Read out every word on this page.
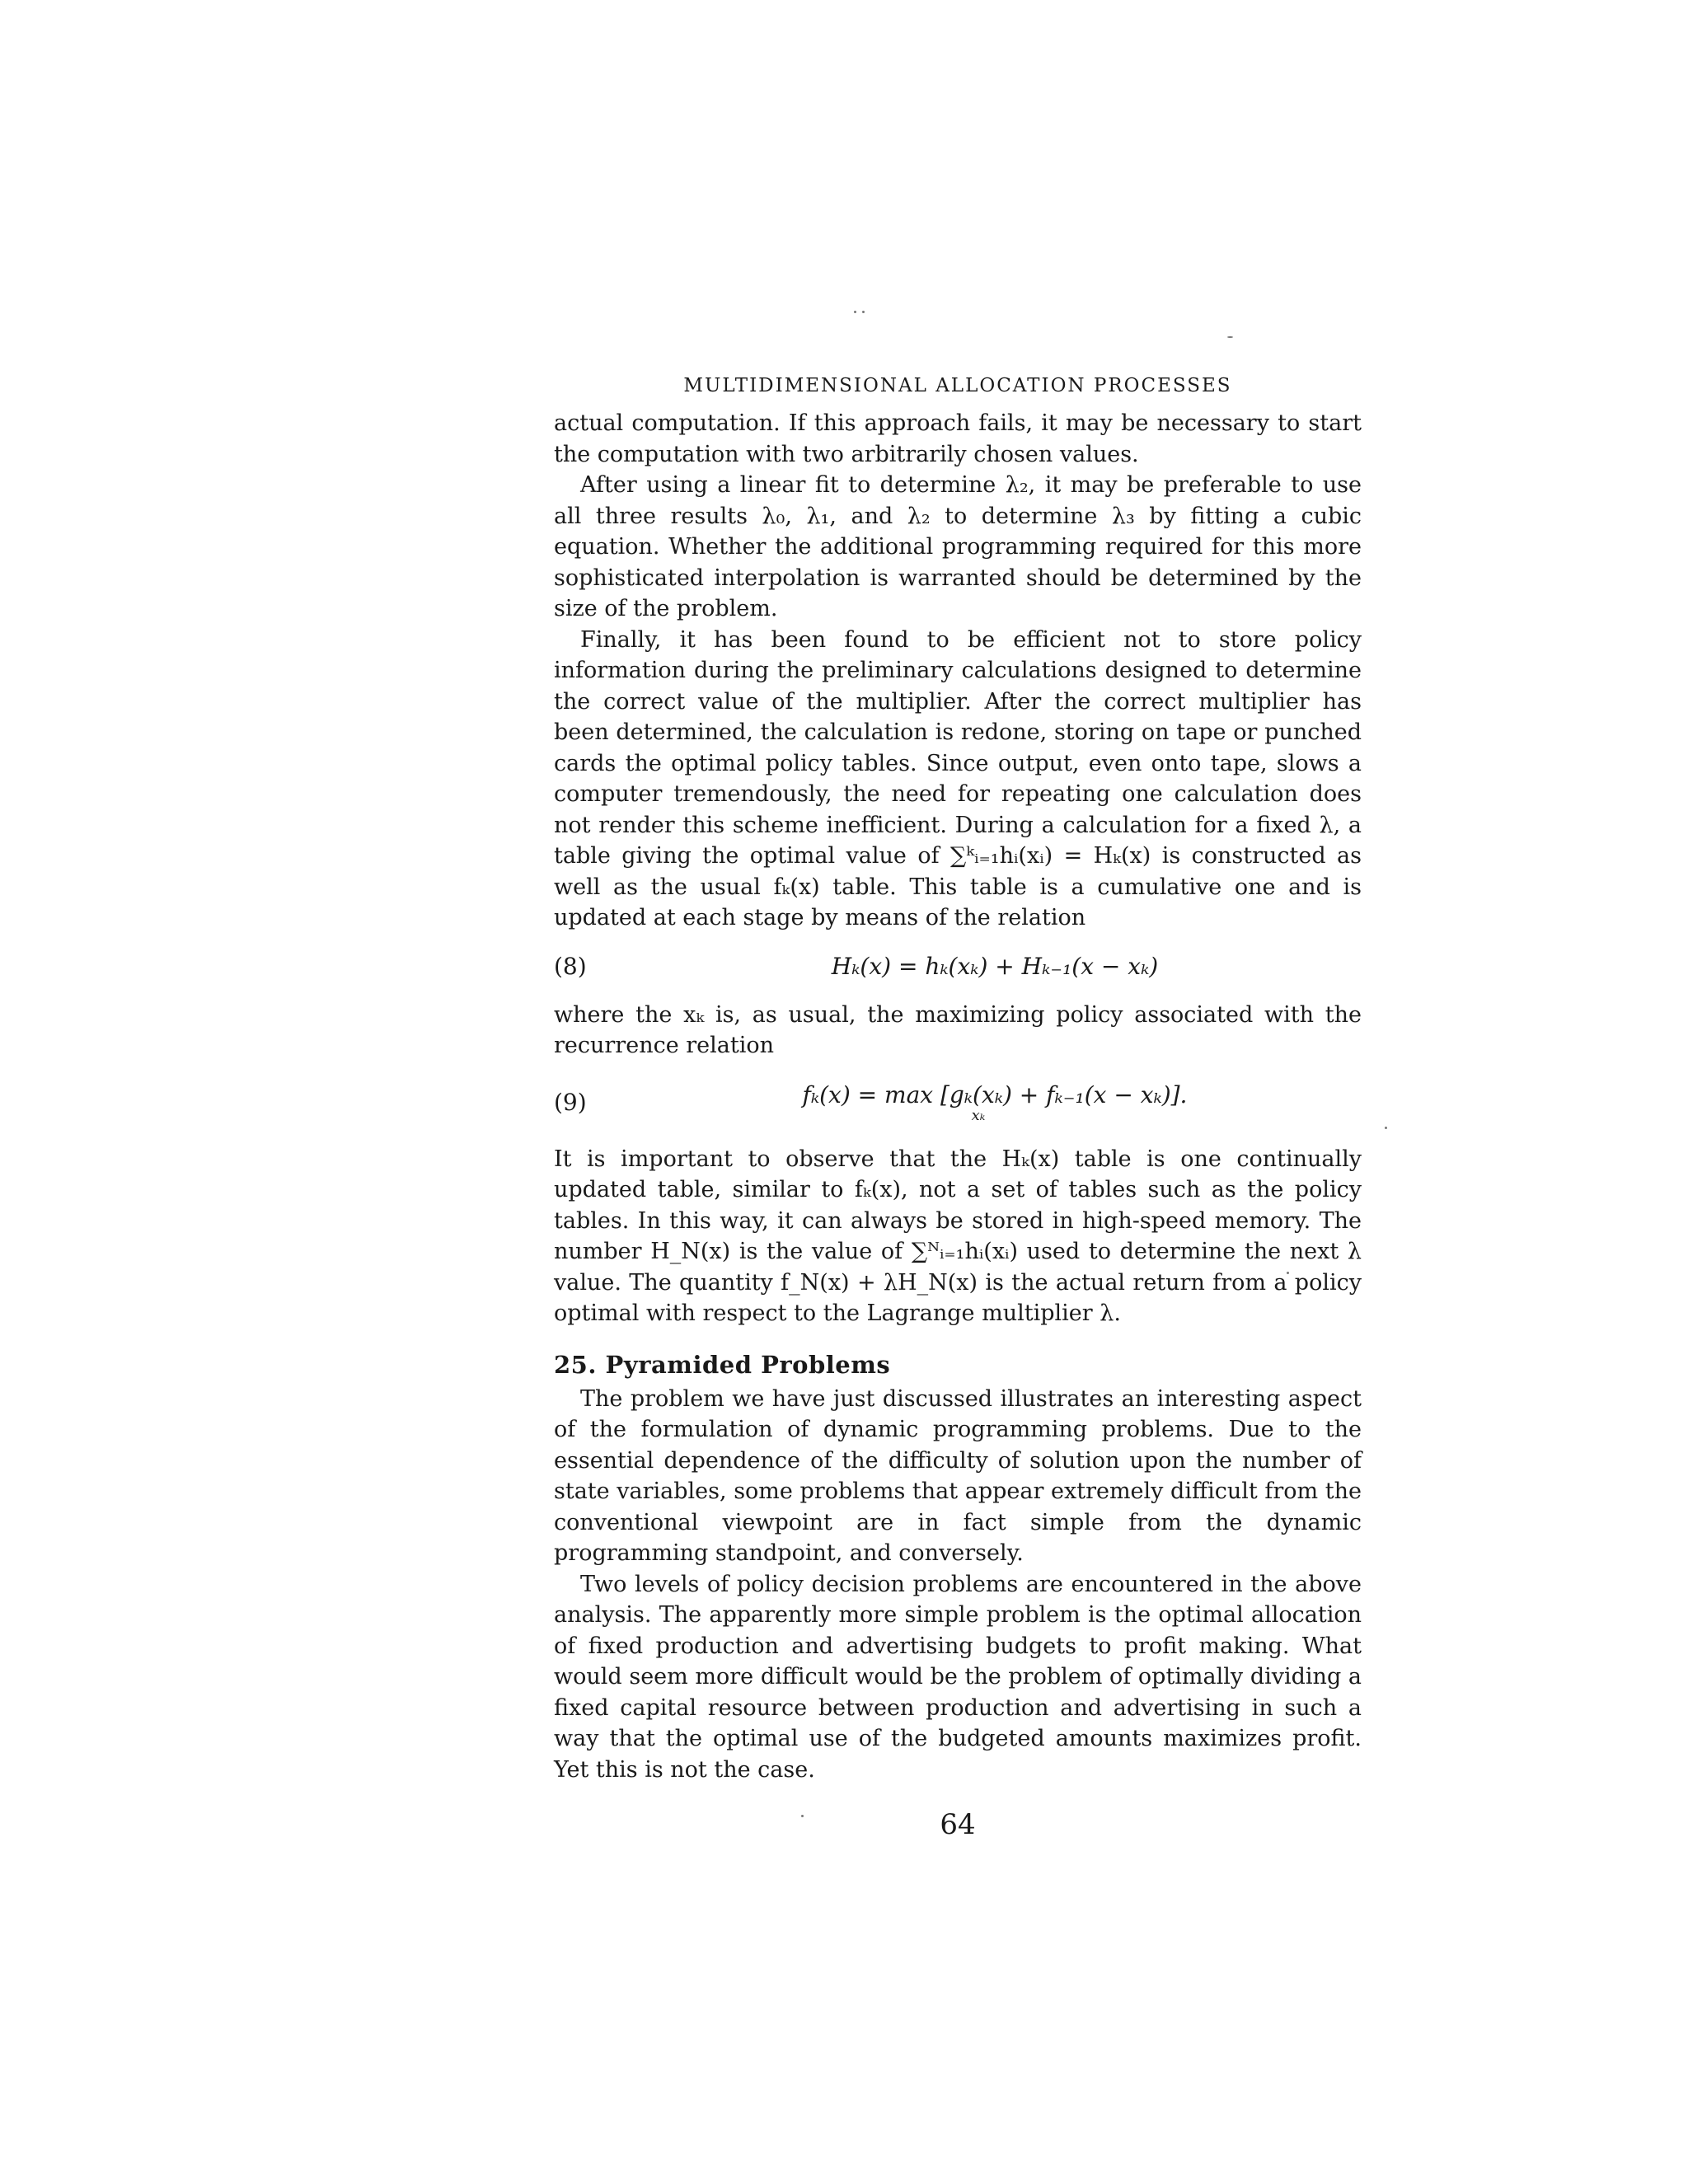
MULTIDIMENSIONAL ALLOCATION PROCESSES

actual computation. If this approach fails, it may be necessary to start the computation with two arbitrarily chosen values.

After using a linear fit to determine λ₂, it may be preferable to use all three results λ₀, λ₁, and λ₂ to determine λ₃ by fitting a cubic equation. Whether the additional programming required for this more sophisticated interpolation is warranted should be determined by the size of the problem.

Finally, it has been found to be efficient not to store policy information during the preliminary calculations designed to determine the correct value of the multiplier. After the correct multiplier has been determined, the calculation is redone, storing on tape or punched cards the optimal policy tables. Since output, even onto tape, slows a computer tremendously, the need for repeating one calculation does not render this scheme inefficient. During a calculation for a fixed λ, a table giving the optimal value of ∑ᵏᵢ₌₁hᵢ(xᵢ) = Hₖ(x) is constructed as well as the usual fₖ(x) table. This table is a cumulative one and is updated at each stage by means of the relation

(8)	Hₖ(x) = hₖ(xₖ) + Hₖ₋₁(x − xₖ)

where the xₖ is, as usual, the maximizing policy associated with the recurrence relation

(9)	fₖ(x) = max [gₖ(xₖ) + fₖ₋₁(x − xₖ)].
xₖ

It is important to observe that the Hₖ(x) table is one continually updated table, similar to fₖ(x), not a set of tables such as the policy tables. In this way, it can always be stored in high-speed memory. The number H_N(x) is the value of ∑ᴺᵢ₌₁hᵢ(xᵢ) used to determine the next λ value. The quantity f_N(x) + λH_N(x) is the actual return from a policy optimal with respect to the Lagrange multiplier λ.

25. Pyramided Problems

The problem we have just discussed illustrates an interesting aspect of the formulation of dynamic programming problems. Due to the essential dependence of the difficulty of solution upon the number of state variables, some problems that appear extremely difficult from the conventional viewpoint are in fact simple from the dynamic programming standpoint, and conversely.

Two levels of policy decision problems are encountered in the above analysis. The apparently more simple problem is the optimal allocation of fixed production and advertising budgets to profit making. What would seem more difficult would be the problem of optimally dividing a fixed capital resource between production and advertising in such a way that the optimal use of the budgeted amounts maximizes profit. Yet this is not the case.

64
